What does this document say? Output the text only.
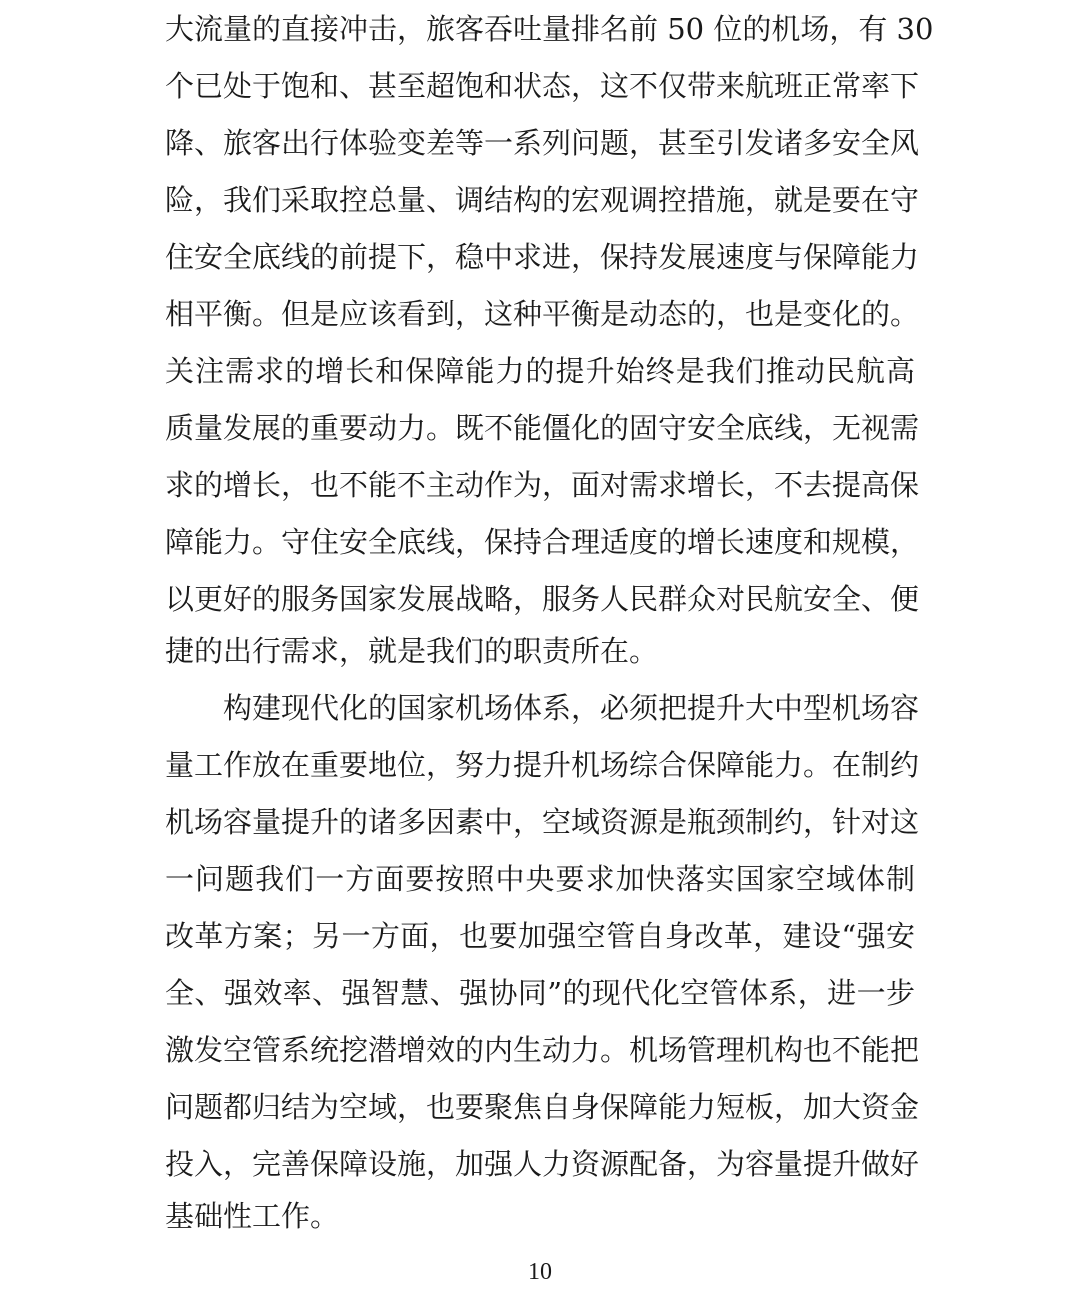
大流量的直接冲击，旅客吞吐量排名前 50 位的机场，有 30
个已处于饱和、甚至超饱和状态，这不仅带来航班正常率下
降、旅客出行体验变差等一系列问题，甚至引发诸多安全风
险，我们采取控总量、调结构的宏观调控措施，就是要在守
住安全底线的前提下，稳中求进，保持发展速度与保障能力
相平衡。但是应该看到，这种平衡是动态的，也是变化的。
关注需求的增长和保障能力的提升始终是我们推动民航高
质量发展的重要动力。既不能僵化的固守安全底线，无视需
求的增长，也不能不主动作为，面对需求增长，不去提高保
障能力。守住安全底线，保持合理适度的增长速度和规模，
以更好的服务国家发展战略，服务人民群众对民航安全、便
捷的出行需求，就是我们的职责所在。
构建现代化的国家机场体系，必须把提升大中型机场容
量工作放在重要地位，努力提升机场综合保障能力。在制约
机场容量提升的诸多因素中，空域资源是瓶颈制约，针对这
一问题我们一方面要按照中央要求加快落实国家空域体制
改革方案；另一方面，也要加强空管自身改革，建设“强安
全、强效率、强智慧、强协同”的现代化空管体系，进一步
激发空管系统挖潜增效的内生动力。机场管理机构也不能把
问题都归结为空域，也要聚焦自身保障能力短板，加大资金
投入，完善保障设施，加强人力资源配备，为容量提升做好
基础性工作。
10
